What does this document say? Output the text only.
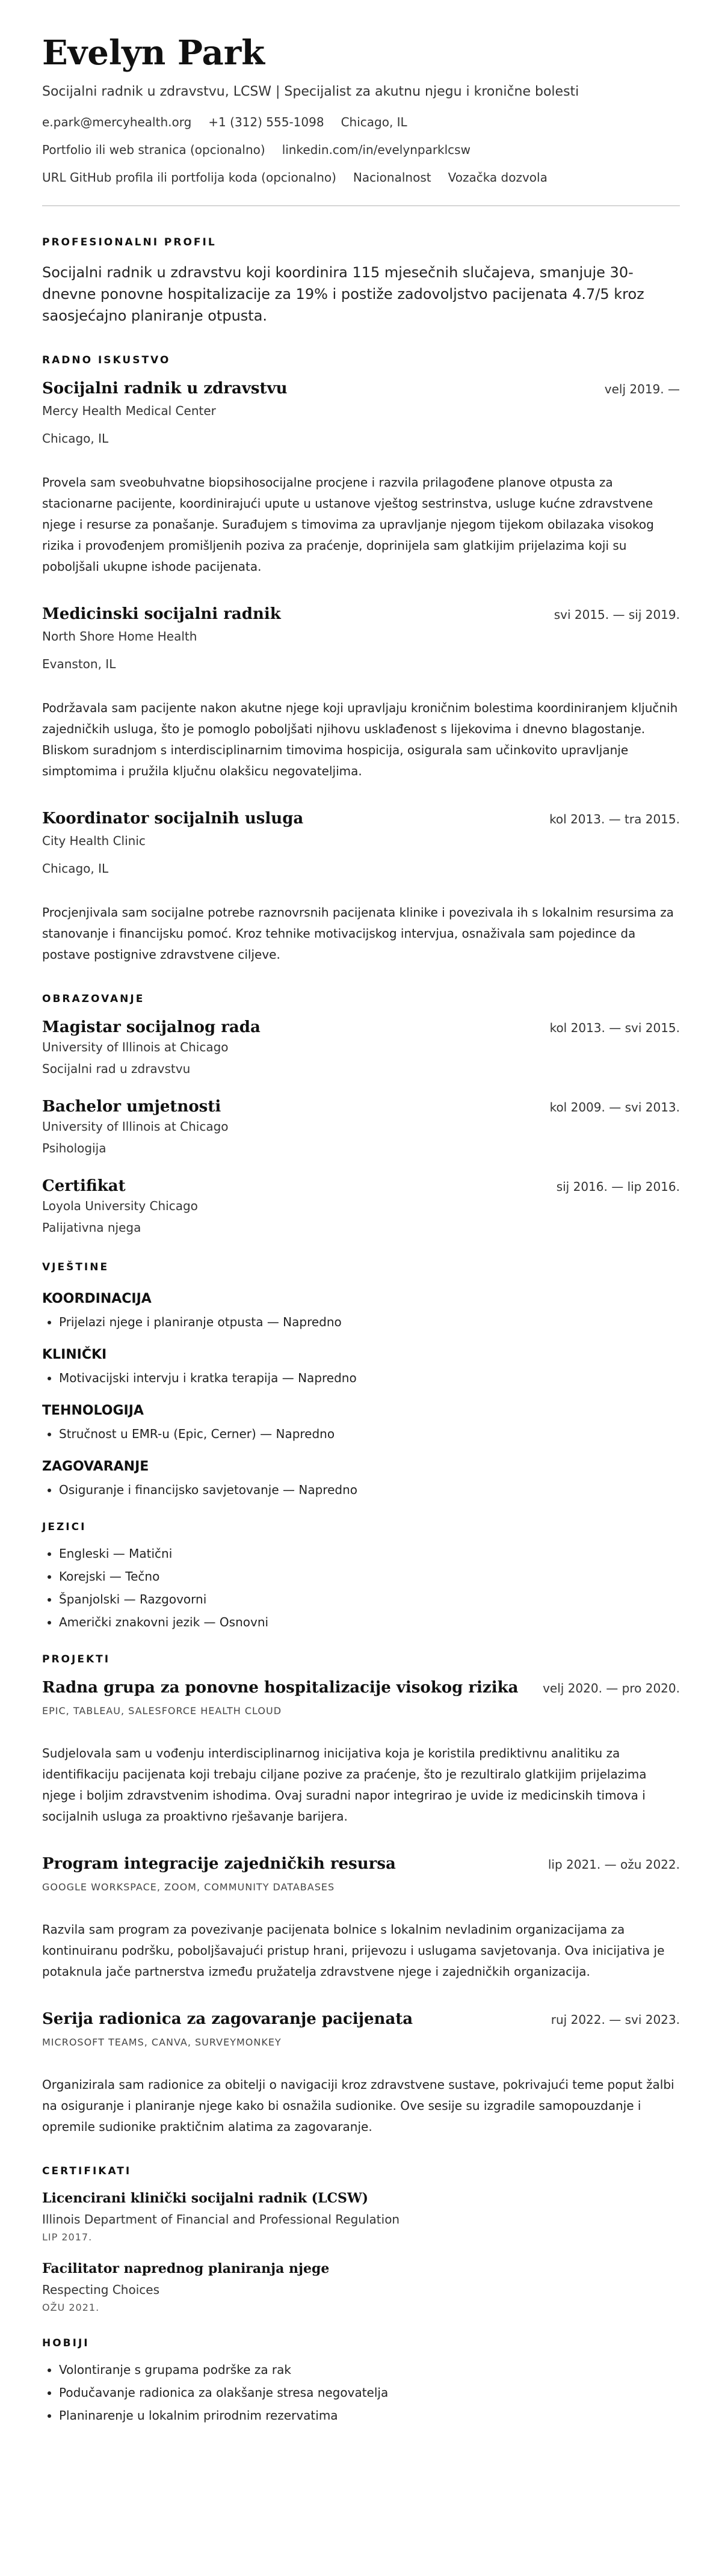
Evelyn Park
Socijalni radnik u zdravstvu, LCSW | Specijalist za akutnu njegu i kronične bolesti
e.park@mercyhealth.org +1 (312) 555-1098 Chicago, IL
Portfolio ili web stranica (opcionalno) linkedin.com/in/evelynparklcsw
URL GitHub profila ili portfolija koda (opcionalno) Nacionalnost Vozačka dozvola
PROFESIONALNI PROFIL

Socijalni radnik u zdravstvu koji koordinira 115 mjesečnih slučajeva, smanjuje 30-dnevne ponovne hospitalizacije za 19% i postiže zadovoljstvo pacijenata 4.7/5 kroz saosjećajno planiranje otpusta.

RADNO ISKUSTVO
Socijalni radnik u zdravstvu	velj 2019. —
Mercy Health Medical Center
Chicago, IL
Provela sam sveobuhvatne biopsihosocijalne procjene i razvila prilagođene planove otpusta za stacionarne pacijente, koordinirajući upute u ustanove vještog sestrinstva, usluge kućne zdravstvene njege i resurse za ponašanje. Surađujem s timovima za upravljanje njegom tijekom obilazaka visokog rizika i provođenjem promišljenih poziva za praćenje, doprinijela sam glatkijim prijelazima koji su poboljšali ukupne ishode pacijenata.
Medicinski socijalni radnik	svi 2015. — sij 2019.
North Shore Home Health
Evanston, IL
Podržavala sam pacijente nakon akutne njege koji upravljaju kroničnim bolestima koordiniranjem ključnih zajedničkih usluga, što je pomoglo poboljšati njihovu usklađenost s lijekovima i dnevno blagostanje. Bliskom suradnjom s interdisciplinarnim timovima hospicija, osigurala sam učinkovito upravljanje simptomima i pružila ključnu olakšicu negovateljima.
Koordinator socijalnih usluga	kol 2013. — tra 2015.
City Health Clinic
Chicago, IL
Procjenjivala sam socijalne potrebe raznovrsnih pacijenata klinike i povezivala ih s lokalnim resursima za stanovanje i financijsku pomoć. Kroz tehnike motivacijskog intervjua, osnaživala sam pojedince da postave postignive zdravstvene ciljeve.
OBRAZOVANJE
Magistar socijalnog rada	kol 2013. — svi 2015.
University of Illinois at Chicago
Socijalni rad u zdravstvu
Bachelor umjetnosti	kol 2009. — svi 2013.
University of Illinois at Chicago
Psihologija
Certifikat	sij 2016. — lip 2016.
Loyola University Chicago
Palijativna njega
VJEŠTINE
KOORDINACIJA
• Prijelazi njege i planiranje otpusta — Napredno
KLINIČKI
• Motivacijski intervju i kratka terapija — Napredno
TEHNOLOGIJA
• Stručnost u EMR-u (Epic, Cerner) — Napredno
ZAGOVARANJE
• Osiguranje i financijsko savjetovanje — Napredno
JEZICI
• Engleski — Matični
• Korejski — Tečno
• Španjolski — Razgovorni
• Američki znakovni jezik — Osnovni
PROJEKTI
Radna grupa za ponovne hospitalizacije visokog rizika velj 2020. — pro 2020.
EPIC, TABLEAU, SALESFORCE HEALTH CLOUD
Sudjelovala sam u vođenju interdisciplinarnog inicijativa koja je koristila prediktivnu analitiku za identifikaciju pacijenata koji trebaju ciljane pozive za praćenje, što je rezultiralo glatkijim prijelazima njege i boljim zdravstvenim ishodima. Ovaj suradni napor integrirao je uvide iz medicinskih timova i socijalnih usluga za proaktivno rješavanje barijera.
Program integracije zajedničkih resursa	lip 2021. — ožu 2022.
GOOGLE WORKSPACE, ZOOM, COMMUNITY DATABASES
Razvila sam program za povezivanje pacijenata bolnice s lokalnim nevladinim organizacijama za kontinuiranu podršku, poboljšavajući pristup hrani, prijevozu i uslugama savjetovanja. Ova inicijativa je potaknula jače partnerstva između pružatelja zdravstvene njege i zajedničkih organizacija.
Serija radionica za zagovaranje pacijenata	ruj 2022. — svi 2023.
MICROSOFT TEAMS, CANVA, SURVEYMONKEY
Organizirala sam radionice za obitelji o navigaciji kroz zdravstvene sustave, pokrivajući teme poput žalbi na osiguranje i planiranje njege kako bi osnažila sudionike. Ove sesije su izgradile samopouzdanje i opremile sudionike praktičnim alatima za zagovaranje.
CERTIFIKATI
Licencirani klinički socijalni radnik (LCSW)
Illinois Department of Financial and Professional Regulation
LIP 2017.
Facilitator naprednog planiranja njege
Respecting Choices
OŽU 2021.
HOBIJI
• Volontiranje s grupama podrške za rak
• Podučavanje radionica za olakšanje stresa negovatelja
• Planinarenje u lokalnim prirodnim rezervatima
